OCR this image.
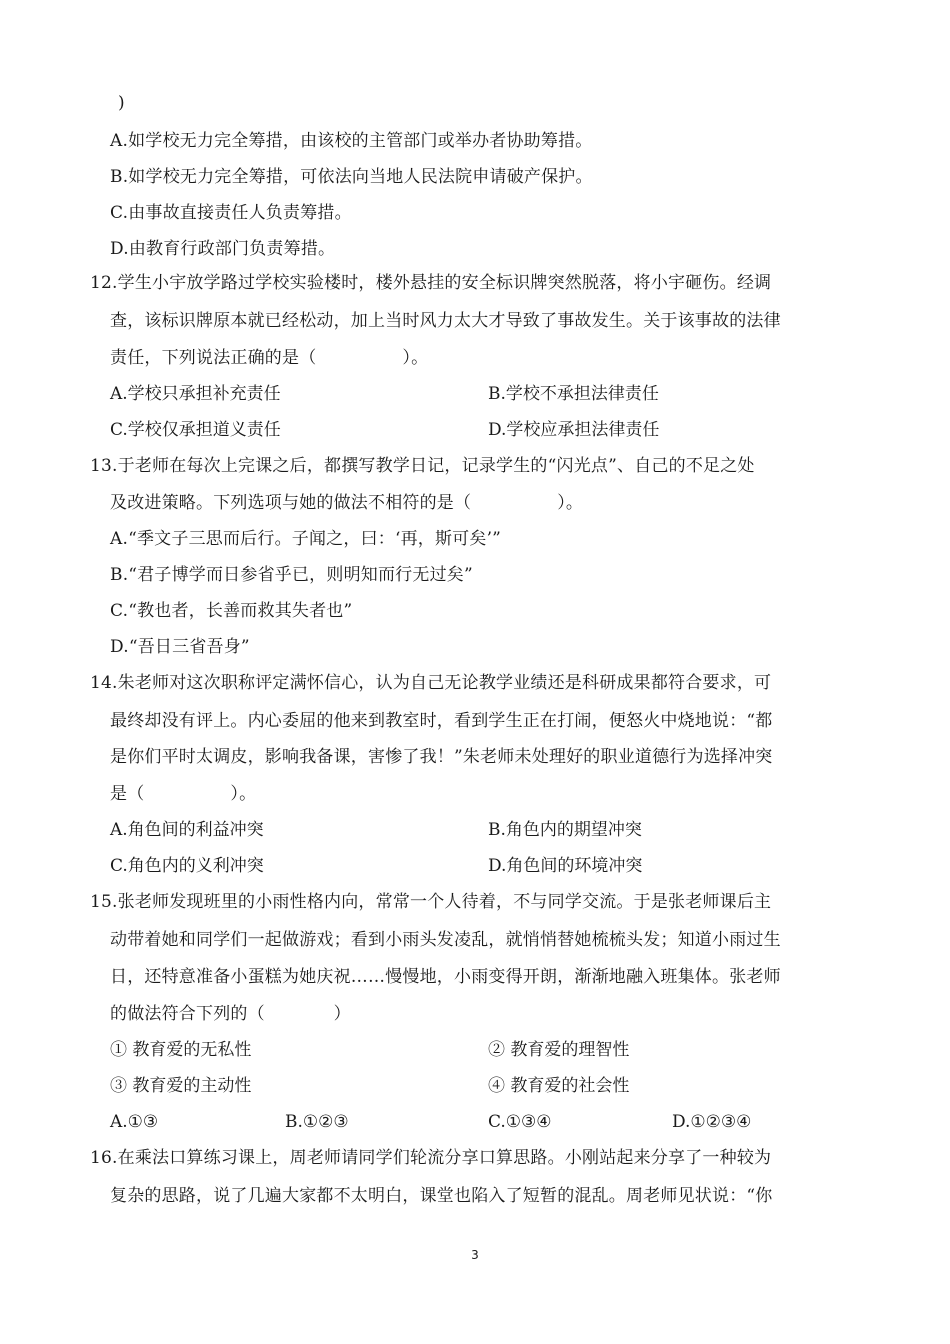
)
A.如学校无力完全筹措，由该校的主管部门或举办者协助筹措。
B.如学校无力完全筹措，可依法向当地人民法院申请破产保护。
C.由事故直接责任人负责筹措。
D.由教育行政部门负责筹措。
12.学生小宇放学路过学校实验楼时，楼外悬挂的安全标识牌突然脱落，将小宇砸伤。经调
查，该标识牌原本就已经松动，加上当时风力太大才导致了事故发生。关于该事故的法律
责任，下列说法正确的是（　　　　　）。
A.学校只承担补充责任	B.学校不承担法律责任
C.学校仅承担道义责任	D.学校应承担法律责任
13.于老师在每次上完课之后，都撰写教学日记，记录学生的“闪光点”、自己的不足之处
及改进策略。下列选项与她的做法不相符的是（　　　　　）。
A.“季文子三思而后行。子闻之，曰：‘再，斯可矣’”
B.“君子博学而日参省乎已，则明知而行无过矣”
C.“教也者，长善而救其失者也”
D.“吾日三省吾身”
14.朱老师对这次职称评定满怀信心，认为自己无论教学业绩还是科研成果都符合要求，可
最终却没有评上。内心委屈的他来到教室时，看到学生正在打闹，便怒火中烧地说：“都
是你们平时太调皮，影响我备课，害惨了我！”朱老师未处理好的职业道德行为选择冲突
是（　　　　　）。
A.角色间的利益冲突	B.角色内的期望冲突
C.角色内的义利冲突	D.角色间的环境冲突
15.张老师发现班里的小雨性格内向，常常一个人待着，不与同学交流。于是张老师课后主
动带着她和同学们一起做游戏；看到小雨头发凌乱，就悄悄替她梳梳头发；知道小雨过生
日，还特意准备小蛋糕为她庆祝……慢慢地，小雨变得开朗，渐渐地融入班集体。张老师
的做法符合下列的（　　　　）
① 教育爱的无私性	② 教育爱的理智性
③ 教育爱的主动性	④ 教育爱的社会性
A.①③	B.①②③	C.①③④	D.①②③④
16.在乘法口算练习课上，周老师请同学们轮流分享口算思路。小刚站起来分享了一种较为
复杂的思路，说了几遍大家都不太明白，课堂也陷入了短暂的混乱。周老师见状说：“你
3
